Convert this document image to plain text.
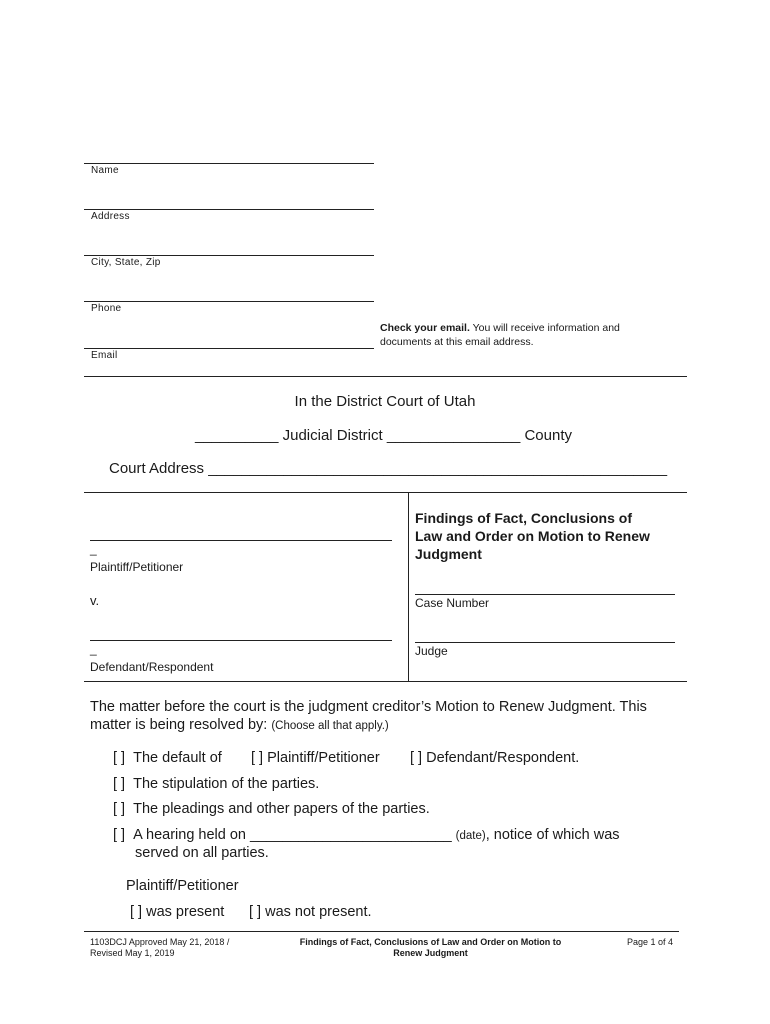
Name
Address
City, State, Zip
Phone
Email
Check your email. You will receive information and
documents at this email address.
In the District Court of Utah
__________ Judicial District ________________ County
Court Address _______________________________________________________
_
Plaintiff/Petitioner
v.
_
Defendant/Respondent
Findings of Fact, Conclusions of
Law and Order on Motion to Renew
Judgment
Case Number
Judge
The matter before the court is the judgment creditor’s Motion to Renew Judgment. This
matter is being resolved by: (Choose all that apply.)
[ ] The default of [ ] Plaintiff/Petitioner [ ] Defendant/Respondent.
[ ] The stipulation of the parties.
[ ] The pleadings and other papers of the parties.
[ ] A hearing held on _________________________ (date), notice of which was
served on all parties.
Plaintiff/Petitioner
[ ] was present [ ] was not present.
1103DCJ Approved May 21, 2018 /
Revised May 1, 2019
Findings of Fact, Conclusions of Law and Order on Motion to
Renew Judgment
Page 1 of 4
